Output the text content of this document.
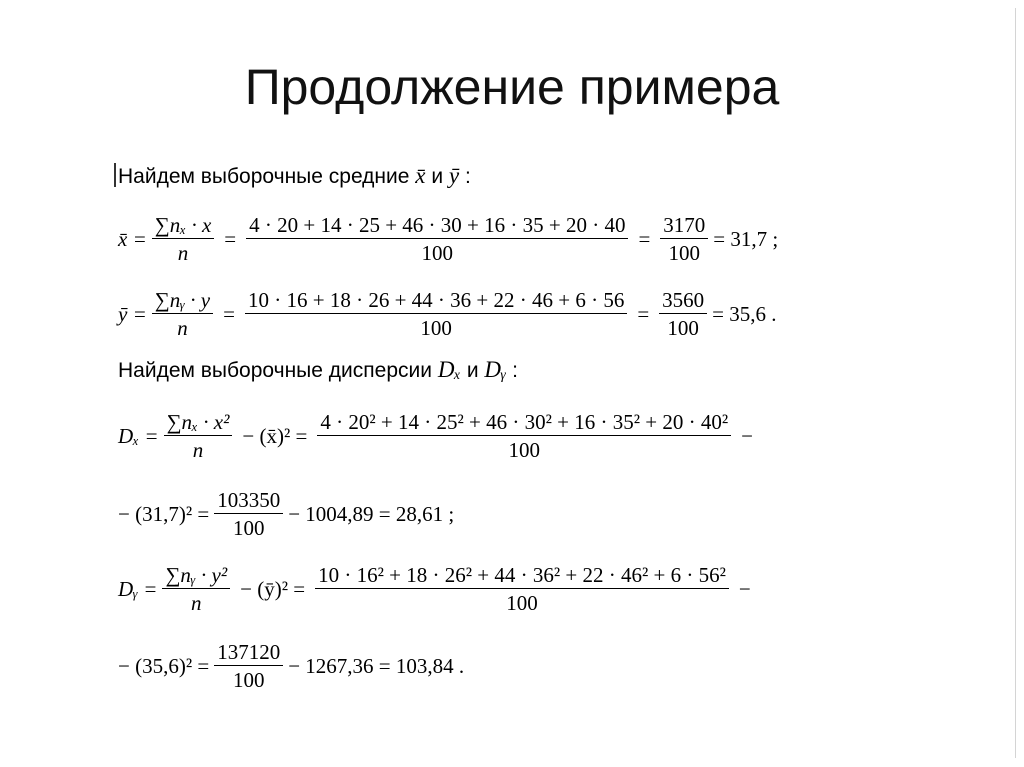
Продолжение примера
Найдем выборочные средние x̄ и ȳ :
x̄ = $\frac{\text{∑nₓ · x}}{n} = \frac{4 \cdot 20 + 14 \cdot 25 + 46 \cdot 30 + 16 \cdot 35 + 20 \cdot 40}{100} = \frac{3170}{100} = 31,7$ ;
ȳ = $\frac{\text{∑nᵧ · y}}{n} = \frac{10 \cdot 16 + 18 \cdot 26 + 44 \cdot 36 + 22 \cdot 46 + 6 \cdot 56}{100} = \frac{3560}{100} = 35,6$ .
Найдем выборочные дисперсии Dₓ и Dᵧ :
$D_x = \frac{\text{∑nₓ · x²}}{n}$ − (x̄)² = $\frac{\text{4 · 20² + 14 · 25² + 46 · 30² + 16 · 35² + 20 · 40²}}{100}$ −
− $(31,7)^2 = \frac{103350}{100} - 1004,89 = 28,61$ ;
Dᵧ = $\frac{\text{∑nᵧ · y²}}{n}$ − (ȳ)² = $\frac{\text{10 · 16² + 18 · 26² + 44 · 36² + 22 · 46² + 6 · 56²}}{100}$ −
− $(35,6)^2 = \frac{137120}{100} - 1267,36 = 103,84$ .
